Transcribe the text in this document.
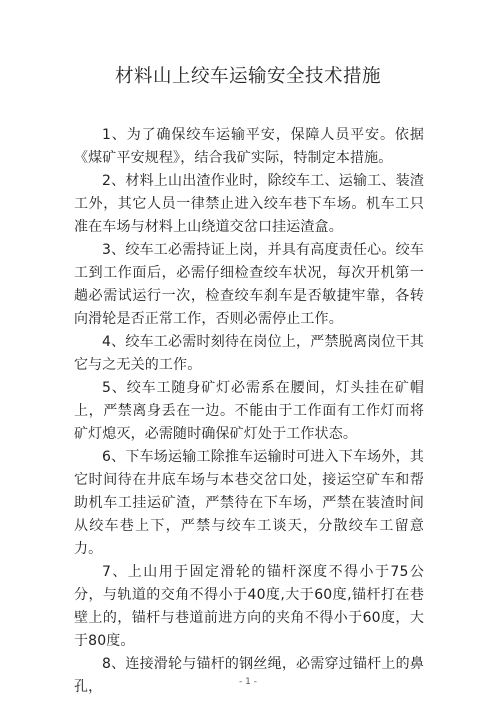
材料山上绞车运输安全技术措施

1、为了确保绞车运输平安，保障人员平安。依据《煤矿平安规程》，结合我矿实际，特制定本措施。

2、材料上山出渣作业时，除绞车工、运输工、装渣工外，其它人员一律禁止进入绞车巷下车场。机车工只准在车场与材料上山绕道交岔口挂运渣盒。

3、绞车工必需持证上岗，并具有高度责任心。绞车工到工作面后，必需仔细检查绞车状况，每次开机第一趟必需试运行一次，检查绞车刹车是否敏捷牢靠，各转向滑轮是否正常工作，否则必需停止工作。

4、绞车工必需时刻待在岗位上，严禁脱离岗位干其它与之无关的工作。

5、绞车工随身矿灯必需系在腰间，灯头挂在矿帽上，严禁离身丢在一边。不能由于工作面有工作灯而将矿灯熄灭，必需随时确保矿灯处于工作状态。

6、下车场运输工除推车运输时可进入下车场外，其它时间待在井底车场与本巷交岔口处，接运空矿车和帮助机车工挂运矿渣，严禁待在下车场，严禁在装渣时间从绞车巷上下，严禁与绞车工谈天，分散绞车工留意力。

7、上山用于固定滑轮的锚杆深度不得小于75公分，与轨道的交角不得小于40度,大于60度,锚杆打在巷壁上的，锚杆与巷道前进方向的夹角不得小于60度，大于80度。

8、连接滑轮与锚杆的钢丝绳，必需穿过锚杆上的鼻孔，	- 1 -
